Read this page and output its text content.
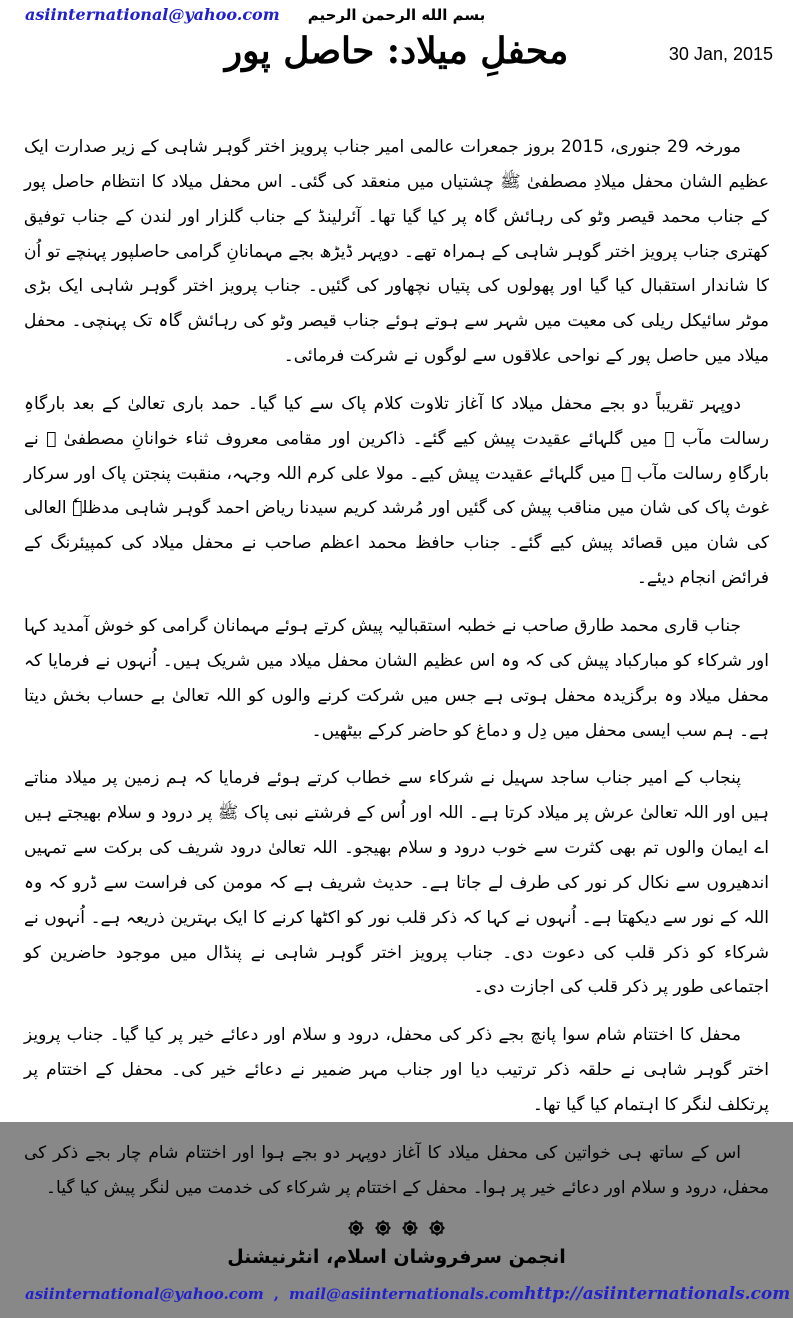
asiinternational@yahoo.com	بسم الله الرحمن الرحيم
محفلِ میلاد: حاصل پور	30 Jan, 2015

مورخہ 29 جنوری، 2015 بروز جمعرات عالمی امیر جناب پرویز اختر گوہر شاہی کے زیر صدارت ایک عظیم الشان محفل میلادِ مصطفیٰ ﷺ چشتیاں میں منعقد کی گئی۔ اس محفل میلاد کا انتظام حاصل پور کے جناب محمد قیصر وٹو کی رہائش گاہ پر کیا گیا تھا۔ آئرلینڈ کے جناب گلزار اور لندن کے جناب توفیق کھتری جناب پرویز اختر گوہر شاہی کے ہمراہ تھے۔ دوپہر ڈیڑھ بجے مہمانانِ گرامی حاصلپور پہنچے تو اُن کا شاندار استقبال کیا گیا اور پھولوں کی پتیاں نچھاور کی گئیں۔ جناب پرویز اختر گوہر شاہی ایک بڑی موٹر سائیکل ریلی کی معیت میں شہر سے ہوتے ہوئے جناب قیصر وٹو کی رہائش گاہ تک پہنچی۔ محفل میلاد میں حاصل پور کے نواحی علاقوں سے لوگوں نے شرکت فرمائی۔

دوپہر تقریباً دو بجے محفل میلاد کا آغاز تلاوت کلام پاک سے کیا گیا۔ حمد باری تعالیٰ کے بعد بارگاہِ رسالت مآب ﷺ میں گلہائے عقیدت پیش کیے گئے۔ ذاکرین اور مقامی معروف ثناء خوانانِ مصطفیٰ ﷺ نے بارگاہِ رسالت مآب ﷺ میں گلہائے عقیدت پیش کیے۔ مولا علی کرم اللہ وجہہ، منقبت پنجتن پاک اور سرکار غوث پاک کی شان میں مناقب پیش کی گئیں اور مُرشد کریم سیدنا ریاض احمد گوہر شاہی مدظلہٗ العالی کی شان میں قصائد پیش کیے گئے۔ جناب حافظ محمد اعظم صاحب نے محفل میلاد کی کمپیئرنگ کے فرائض انجام دیئے۔

جناب قاری محمد طارق صاحب نے خطبہ استقبالیہ پیش کرتے ہوئے مہمانان گرامی کو خوش آمدید کہا اور شرکاء کو مبارکباد پیش کی کہ وہ اس عظیم الشان محفل میلاد میں شریک ہیں۔ اُنہوں نے فرمایا کہ محفل میلاد وہ برگزیدہ محفل ہوتی ہے جس میں شرکت کرنے والوں کو اللہ تعالیٰ بے حساب بخش دیتا ہے۔ ہم سب ایسی محفل میں دِل و دماغ کو حاضر کرکے بیٹھیں۔

پنجاب کے امیر جناب ساجد سہیل نے شرکاء سے خطاب کرتے ہوئے فرمایا کہ ہم زمین پر میلاد مناتے ہیں اور اللہ تعالیٰ عرش پر میلاد کرتا ہے۔ اللہ اور اُس کے فرشتے نبی پاک ﷺ پر درود و سلام بھیجتے ہیں اے ایمان والوں تم بھی کثرت سے خوب درود و سلام بھیجو۔ اللہ تعالیٰ درود شریف کی برکت سے تمہیں اندھیروں سے نکال کر نور کی طرف لے جاتا ہے۔ حدیث شریف ہے کہ مومن کی فراست سے ڈرو کہ وہ اللہ کے نور سے دیکھتا ہے۔ اُنہوں نے کہا کہ ذکر قلب نور کو اکٹھا کرنے کا ایک بہترین ذریعہ ہے۔ اُنہوں نے شرکاء کو ذکر قلب کی دعوت دی۔ جناب پرویز اختر گوہر شاہی نے پنڈال میں موجود حاضرین کو اجتماعی طور پر ذکر قلب کی اجازت دی۔

محفل کا اختتام شام سوا پانچ بجے ذکر کی محفل، درود و سلام اور دعائے خیر پر کیا گیا۔ جناب پرویز اختر گوہر شاہی نے حلقہ ذکر ترتیب دیا اور جناب مہر ضمیر نے دعائے خیر کی۔ محفل کے اختتام پر پرتکلف لنگر کا اہتمام کیا گیا تھا۔

اس کے ساتھ ہی خواتین کی محفل میلاد کا آغاز دوپہر دو بجے ہوا اور اختتام شام چار بجے ذکر کی محفل، درود و سلام اور دعائے خیر پر ہوا۔ محفل کے اختتام پر شرکاء کی خدمت میں لنگر پیش کیا گیا۔

انجمن سرفروشان اسلام، انٹرنیشنل
asiinternational@yahoo.com , mail@asiinternationals.com http://asiinternationals.com
